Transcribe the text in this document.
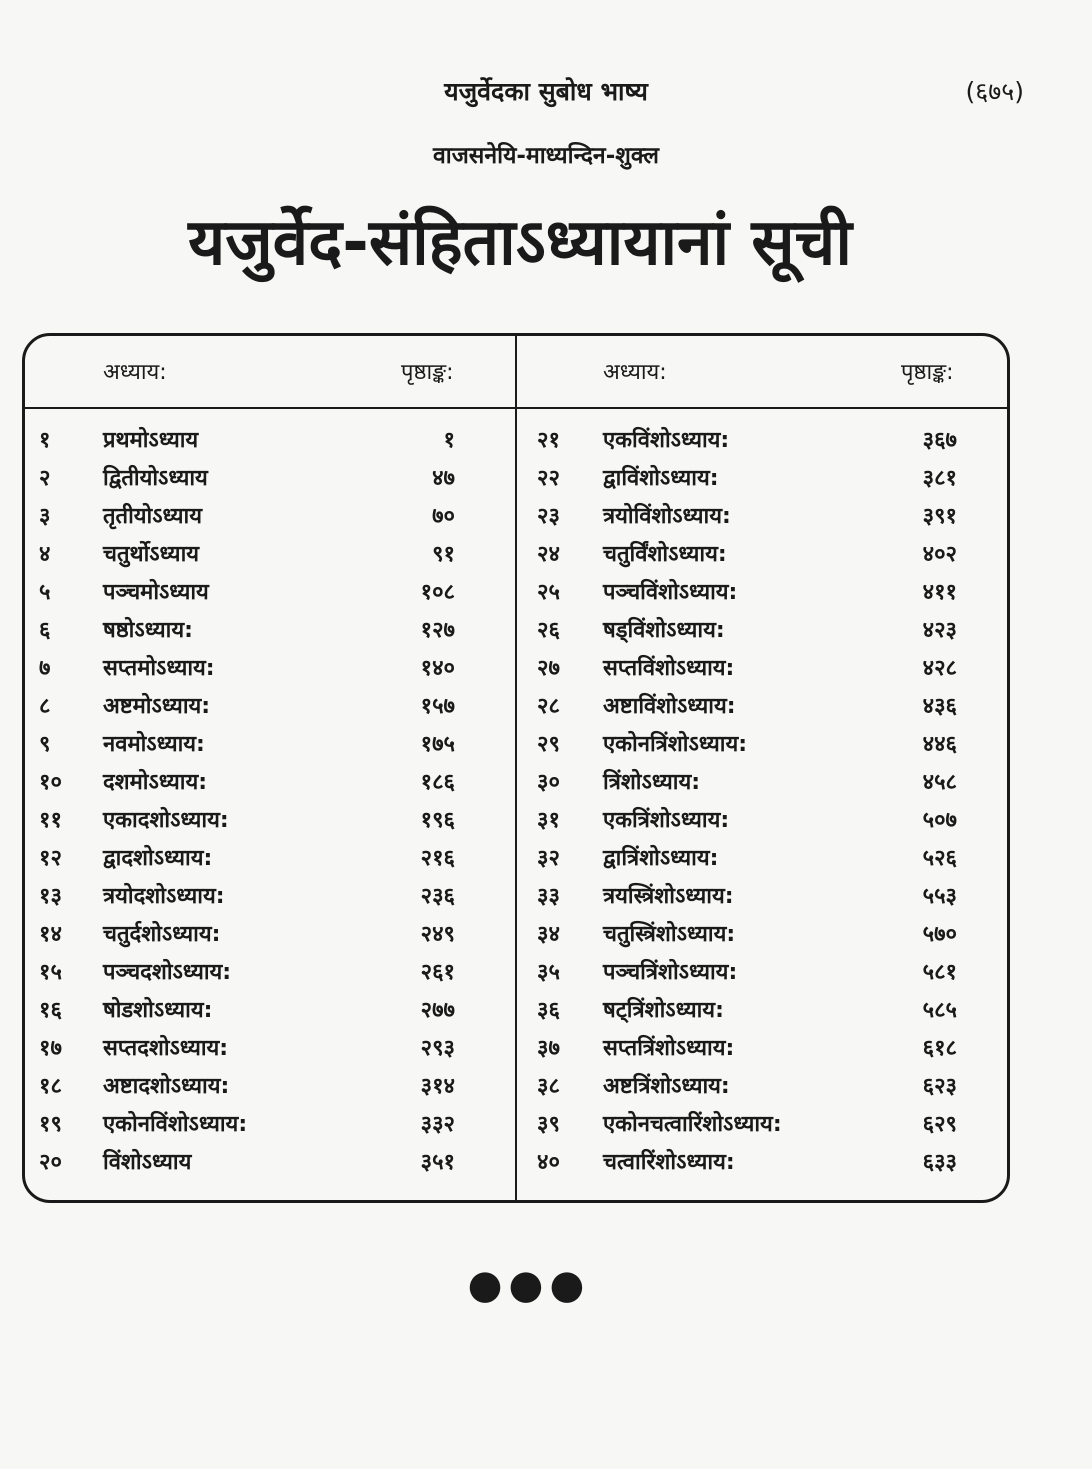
यजुर्वेदका सुबोध भाष्य	(६७५)
वाजसनेयि-माध्यन्दिन-शुक्ल
यजुर्वेद-संहिताऽध्यायानां सूची
अध्याय:	पृष्ठाङ्क:	अध्याय:	पृष्ठाङ्क:
१ प्रथमोऽध्याय	१
२ द्वितीयोऽध्याय	४७
३ तृतीयोऽध्याय	७०
४ चतुर्थोऽध्याय	९१
५ पञ्चमोऽध्याय	१०८
६ षष्ठोऽध्याय:	१२७
७ सप्तमोऽध्याय:	१४०
८ अष्टमोऽध्याय:	१५७
९ नवमोऽध्याय:	१७५
१० दशमोऽध्याय:	१८६
११ एकादशोऽध्याय:	१९६
१२ द्वादशोऽध्याय:	२१६
१३ त्रयोदशोऽध्याय:	२३६
१४ चतुर्दशोऽध्याय:	२४९
१५ पञ्चदशोऽध्याय:	२६१
१६ षोडशोऽध्याय:	२७७
१७ सप्तदशोऽध्याय:	२९३
१८ अष्टादशोऽध्याय:	३१४
१९ एकोनविंशोऽध्याय:	३३२
२० विंशोऽध्याय	३५१
२१ एकविंशोऽध्याय:	३६७
२२ द्वाविंशोऽध्याय:	३८१
२३ त्रयोविंशोऽध्याय:	३९१
२४ चतुर्विंशोऽध्याय:	४०२
२५ पञ्चविंशोऽध्याय:	४११
२६ षड्विंशोऽध्याय:	४२३
२७ सप्तविंशोऽध्याय:	४२८
२८ अष्टाविंशोऽध्याय:	४३६
२९ एकोनत्रिंशोऽध्याय:	४४६
३० त्रिंशोऽध्याय:	४५८
३१ एकत्रिंशोऽध्याय:	५०७
३२ द्वात्रिंशोऽध्याय:	५२६
३३ त्रयस्त्रिंशोऽध्याय:	५५३
३४ चतुस्त्रिंशोऽध्याय:	५७०
३५ पञ्चत्रिंशोऽध्याय:	५८१
३६ षट्त्रिंशोऽध्याय:	५८५
३७ सप्तत्रिंशोऽध्याय:	६१८
३८ अष्टत्रिंशोऽध्याय:	६२३
३९ एकोनचत्वारिंशोऽध्याय:	६२९
४० चत्वारिंशोऽध्याय:	६३३
●●●
